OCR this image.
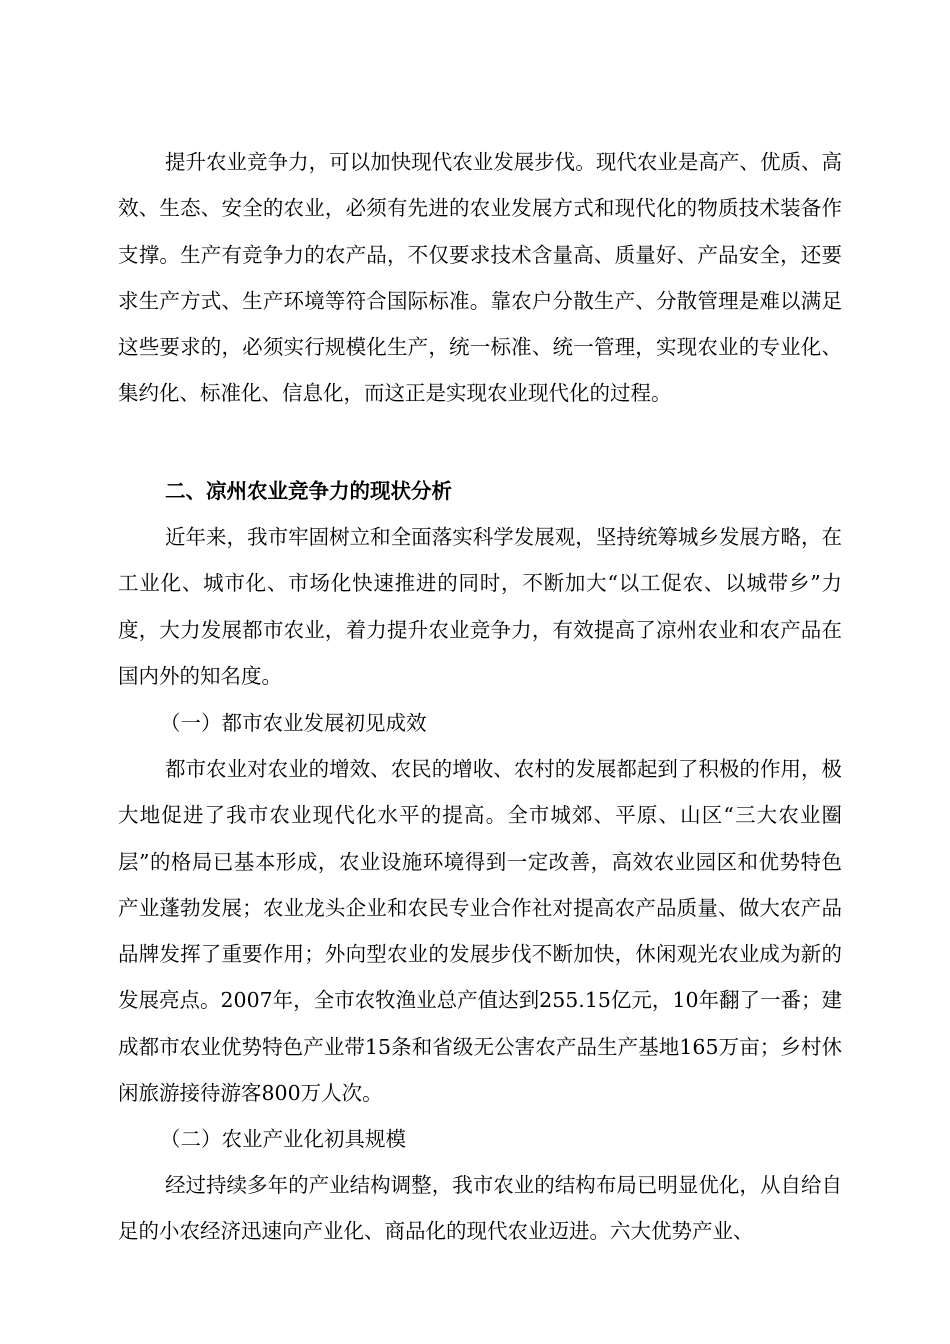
提升农业竞争力，可以加快现代农业发展步伐。现代农业是高产、优质、高效、生态、安全的农业，必须有先进的农业发展方式和现代化的物质技术装备作支撑。生产有竞争力的农产品，不仅要求技术含量高、质量好、产品安全，还要求生产方式、生产环境等符合国际标准。靠农户分散生产、分散管理是难以满足这些要求的，必须实行规模化生产，统一标准、统一管理，实现农业的专业化、集约化、标准化、信息化，而这正是实现农业现代化的过程。

二、凉州农业竞争力的现状分析

近年来，我市牢固树立和全面落实科学发展观，坚持统筹城乡发展方略，在工业化、城市化、市场化快速推进的同时，不断加大“以工促农、以城带乡”力度，大力发展都市农业，着力提升农业竞争力，有效提高了凉州农业和农产品在国内外的知名度。

（一）都市农业发展初见成效

都市农业对农业的增效、农民的增收、农村的发展都起到了积极的作用，极大地促进了我市农业现代化水平的提高。全市城郊、平原、山区“三大农业圈层”的格局已基本形成，农业设施环境得到一定改善，高效农业园区和优势特色产业蓬勃发展；农业龙头企业和农民专业合作社对提高农产品质量、做大农产品品牌发挥了重要作用；外向型农业的发展步伐不断加快，休闲观光农业成为新的发展亮点。2007年，全市农牧渔业总产值达到255.15亿元，10年翻了一番；建成都市农业优势特色产业带15条和省级无公害农产品生产基地165万亩；乡村休闲旅游接待游客800万人次。

（二）农业产业化初具规模

经过持续多年的产业结构调整，我市农业的结构布局已明显优化，从自给自足的小农经济迅速向产业化、商品化的现代农业迈进。六大优势产业、
